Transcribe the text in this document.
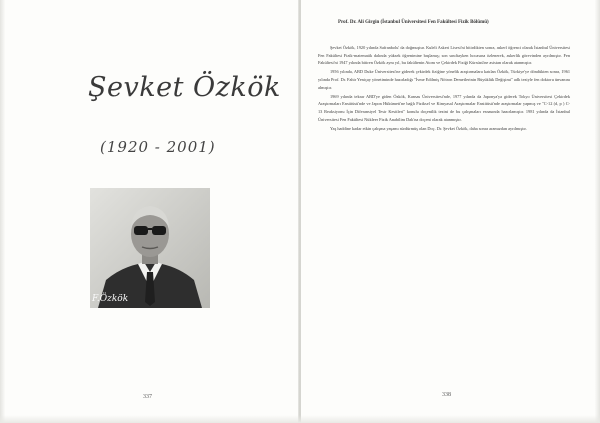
Şevket Özkök
(1920 - 2001)
F.Özkök
337
Prof. Dr. Ali Girgin (İstanbul Üniversitesi Fen Fakültesi Fizik Bölümü)

Şevket Özkök, 1920 yılında Safranbolu' da doğmuştur. Kuleli Askeri Lisesi'ni bitirdikten sonra, askerî öğrenci olarak İstanbul Üniversitesi Fen Fakültesi Fizik-matematik dalında yüksek öğrenimine başlamış; son sınıftayken hocasına özlenerek, askerlik görevinden ayrılmıştır. Fen Fakültesi'ni 1947 yılında bitiren Özkök aynı yıl, bu fakültenin Atom ve Çekirdek Fiziği Kürsüsü'ne asistan olarak atanmıştır.

1956 yılında, ABD Duke Üniversitesi'ne giderek çekirdek fiziğine yönelik araştırmalara katılan Özkök, Türkiye'ye döndükten sonra, 1961 yılında Prof. Dr. Fahir Yeniçay yönetiminde hazırladığı "İvme Edilmiş Nötron Demetlerinin Büyüklük Değişimi" adlı teziyle fen doktoru ünvanını almıştır.

1969 yılında tekrar ABD'ye giden Özkök, Kansas Üniversitesi'nde, 1977 yılında da Japonya'ya giderek Tokyo Üniversitesi Çekirdek Araştırmaları Enstitüsü'nde ve Japon Hükümeti'ne bağlı Fiziksel ve Kimyasal Araştırmalar Enstitüsü'nde araştırmalar yapmış ve "C-12 (d, p ) C-13 Reaksiyonu İçin Diferansiyel Tesir Kesitleri" konulu doçentlik tezini de bu çalışmaları esnasında hazırlamıştır. 1981 yılında da İstanbul Üniversitesi Fen Fakültesi Nükleer Fizik Anabilim Dalı'na doçent olarak atanmıştır.

Yaş haddine kadar etkin çalışma yaşamı sürdürmüş olan Doç. Dr. Şevket Özkök, daha sonra aramızdan ayrılmıştır.

338
